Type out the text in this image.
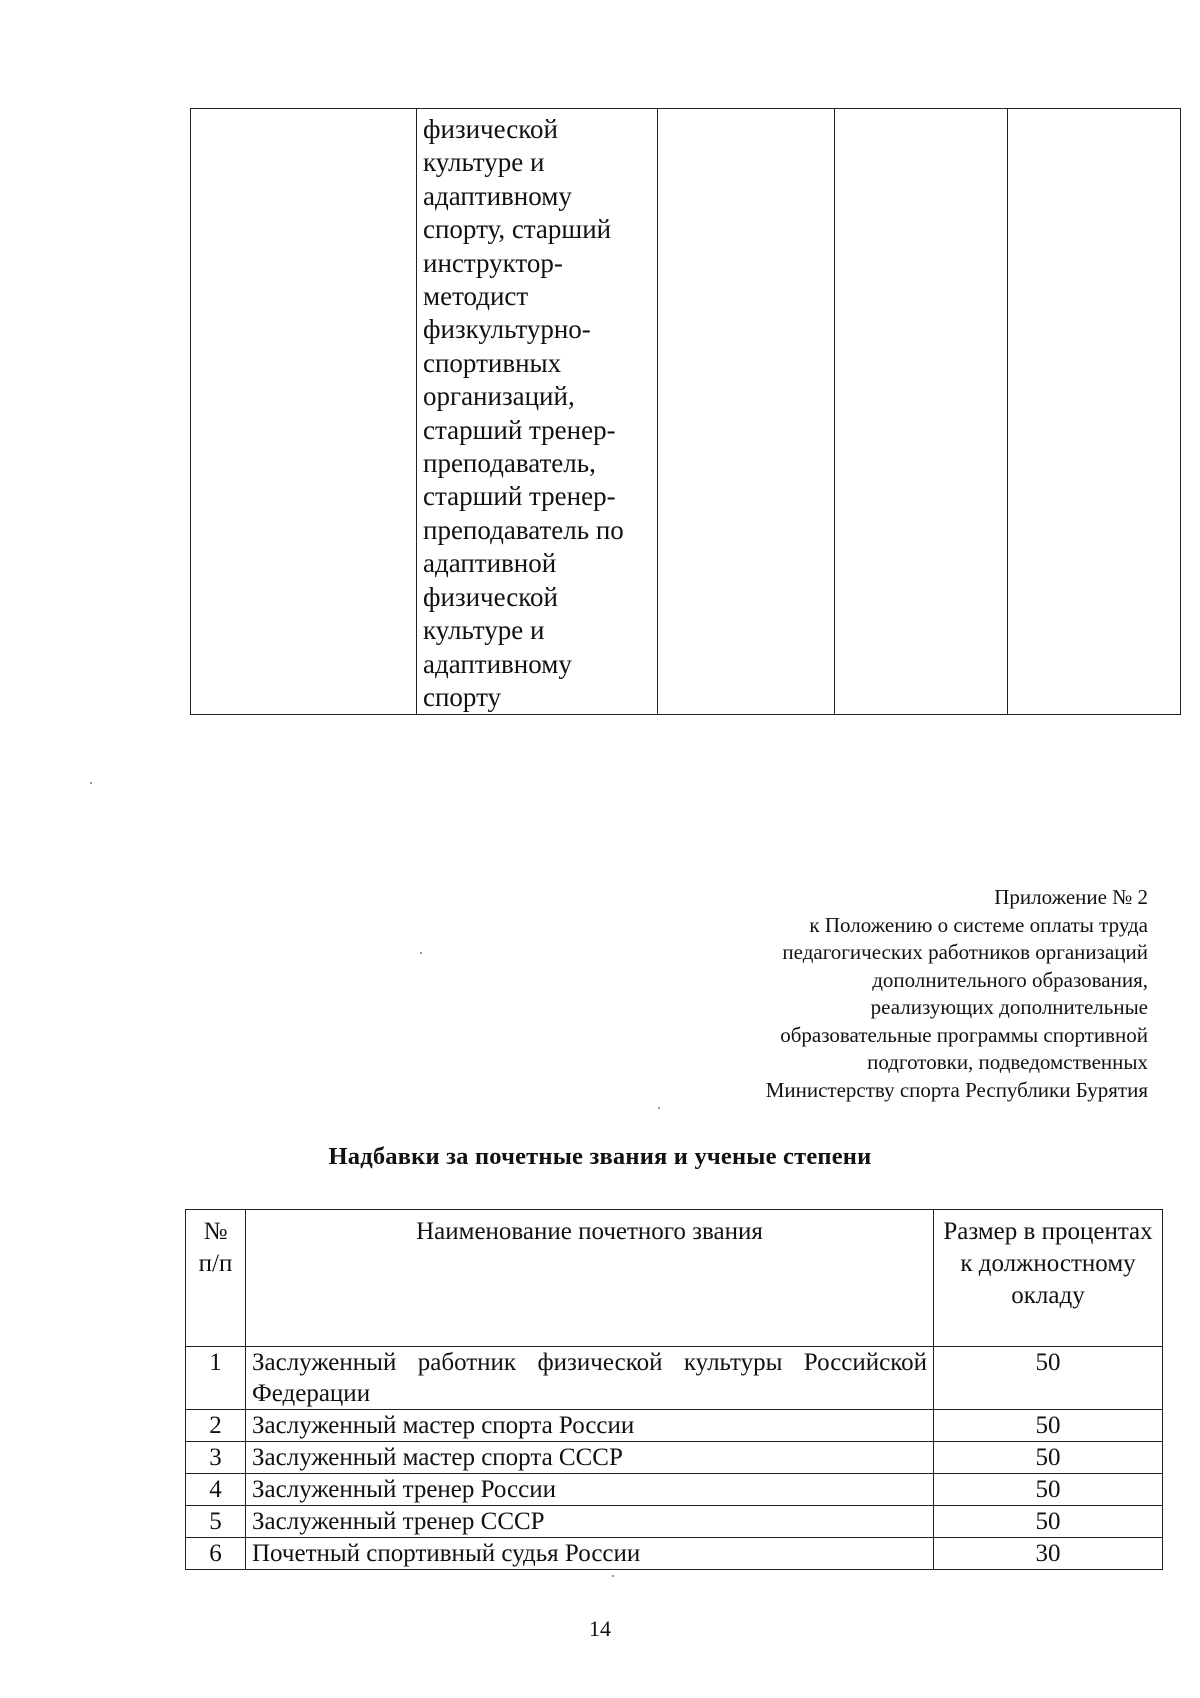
физической
культуре и
адаптивному
спорту, старший
инструктор-
методист
физкультурно-
спортивных
организаций,
старший тренер-
преподаватель,
старший тренер-
преподаватель по
адаптивной
физической
культуре и
адаптивному
спорту

Приложение № 2
к Положению о системе оплаты труда
педагогических работников организаций
дополнительного образования,
реализующих дополнительные
образовательные программы спортивной
подготовки, подведомственных
Министерству спорта Республики Бурятия
Надбавки за почетные звания и ученые степени
№ п/п	Наименование почетного звания	Размер в процентах к должностному окладу
1	Заслуженный работник физической культуры Российской Федерации	50
2	Заслуженный мастер спорта России	50
3	Заслуженный мастер спорта СССР	50
4	Заслуженный тренер России	50
5	Заслуженный тренер СССР	50
6	Почетный спортивный судья России	30
14
